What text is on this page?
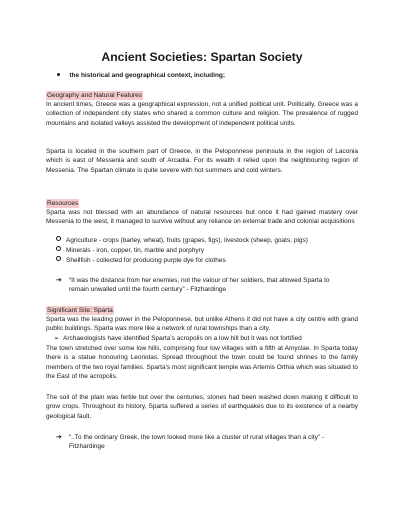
Ancient Societies: Spartan Society
the historical and geographical context, including;
Geography and Natural Features
In ancient times, Greece was a geographical expression, not a unified political unit. Politically, Greece was a collection of independent city states who shared a common culture and religion. The prevalence of rugged mountains and isolated valleys assisted the development of independent political units.
Sparta is located in the southern part of Greece, in the Peloponnese peninsula in the region of Laconia which is east of Messenia and south of Arcadia. For its wealth it relied upon the neighbouring region of Messenia. The Spartan climate is quite severe with hot summers and cold winters.
Resources
Sparta was not blessed with an abundance of natural resources but once it had gained mastery over Messenia to the west, it managed to survive without any reliance on external trade and colonial acquisitions
Agriculture - crops (barley, wheat), fruits (grapes, figs), livestock (sheep, goats, pigs)
Minerals - iron, copper, tin, marble and porphyry
Shellfish - collected for producing purple dye for clothes
➔ “It was the distance from her enemies, not the valour of her soldiers, that allowed Sparta to remain unwalled until the fourth century” - Fitzhardinge
Significant Site: Sparta
Sparta was the leading power in the Peloponnese, but unlike Athens it did not have a city centre with grand public buildings. Sparta was more like a network of rural townships than a city.
➢ Archaeologists have identified Sparta’s acropolis on a low hill but it was not fortified
The town stretched over some low hills, comprising four low villages with a fifth at Amyclae. In Sparta today there is a statue honouring Leonidas. Spread throughout the town could be found shrines to the family members of the two royal families. Sparta’s most significant temple was Artemis Orthia which was situated to the East of the acropolis.
The soil of the plain was fertile but over the centuries, stones had been washed down making it difficult to grow crops. Throughout its history, Sparta suffered a series of earthquakes due to its existence of a nearby geological fault.
➔ “..To the ordinary Greek, the town looked more like a cluster of rural villages than a city” - Fitzhardinge
